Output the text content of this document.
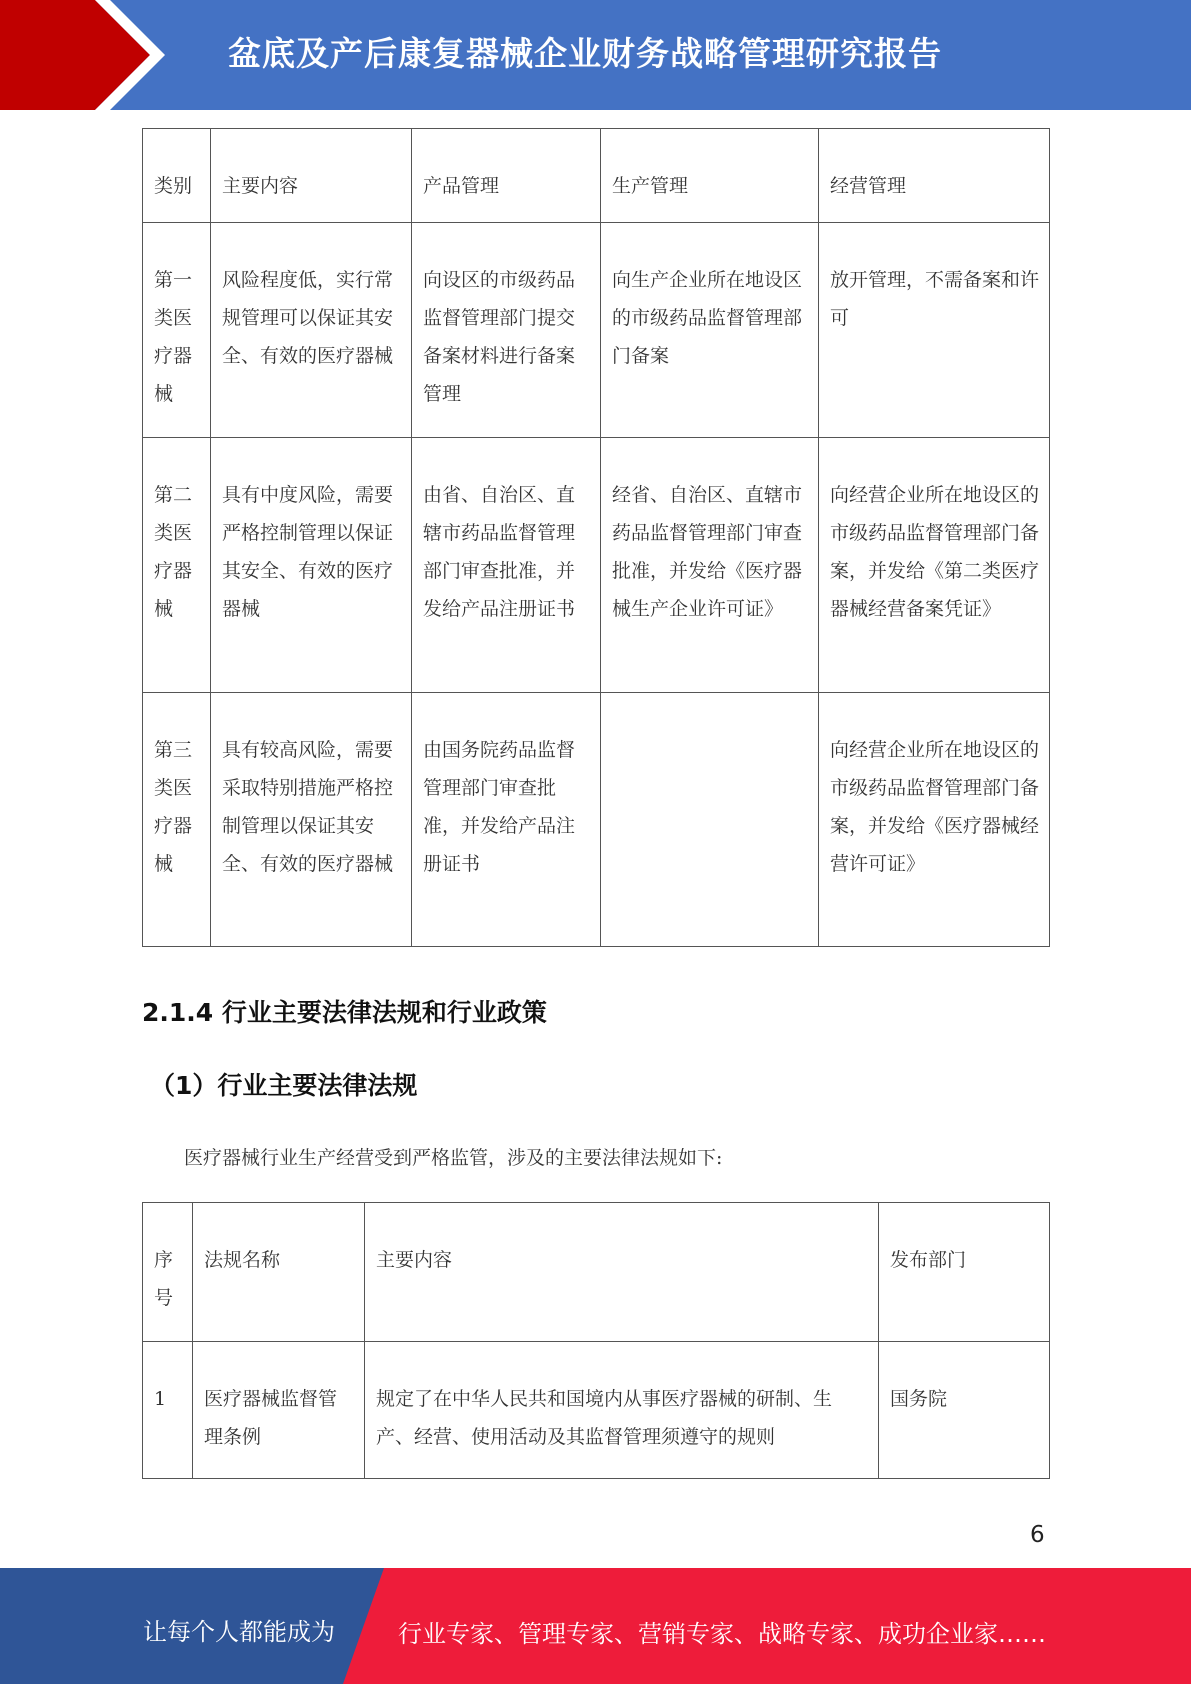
盆底及产后康复器械企业财务战略管理研究报告
类别	主要内容	产品管理	生产管理	经营管理
第一类医疗器械	风险程度低，实行常规管理可以保证其安全、有效的医疗器械	向设区的市级药品监督管理部门提交备案材料进行备案管理	向生产企业所在地设区的市级药品监督管理部门备案	放开管理，不需备案和许可
第二类医疗器械	具有中度风险，需要严格控制管理以保证其安全、有效的医疗器械	由省、自治区、直辖市药品监督管理部门审查批准，并发给产品注册证书	经省、自治区、直辖市药品监督管理部门审查批准，并发给《医疗器械生产企业许可证》	向经营企业所在地设区的市级药品监督管理部门备案，并发给《第二类医疗器械经营备案凭证》
第三类医疗器械	具有较高风险，需要采取特别措施严格控制管理以保证其安全、有效的医疗器械	由国务院药品监督管理部门审查批准，并发给产品注册证书		向经营企业所在地设区的市级药品监督管理部门备案，并发给《医疗器械经营许可证》
2.1.4 行业主要法律法规和行业政策
（1）行业主要法律法规
医疗器械行业生产经营受到严格监管，涉及的主要法律法规如下:
序号	法规名称	主要内容	发布部门
1	医疗器械监督管理条例	规定了在中华人民共和国境内从事医疗器械的研制、生产、经营、使用活动及其监督管理须遵守的规则	国务院
6
让每个人都能成为	行业专家、管理专家、营销专家、战略专家、成功企业家……
